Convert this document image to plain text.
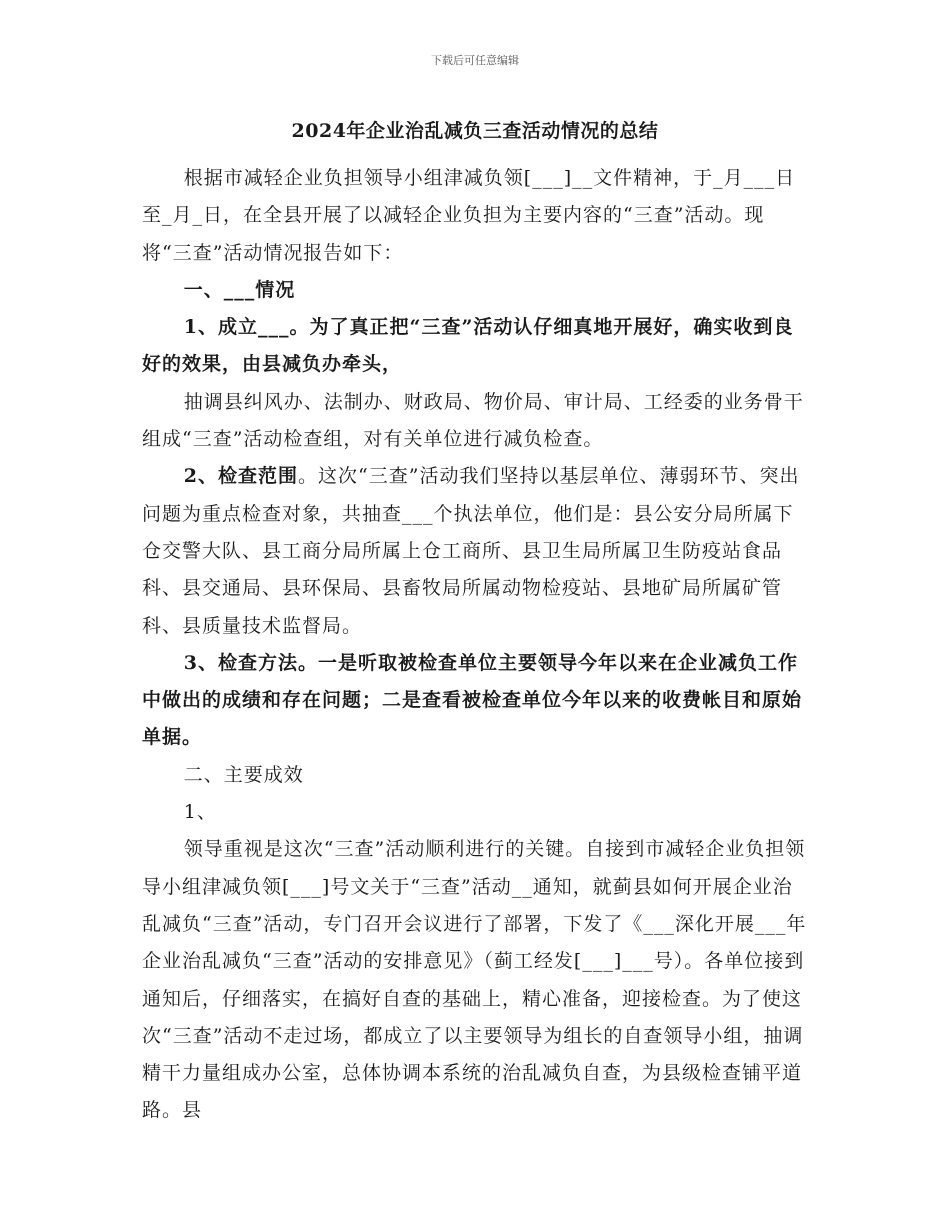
下载后可任意编辑
2024年企业治乱减负三查活动情况的总结

根据市减轻企业负担领导小组津减负领[___]__文件精神，于_月___日至_月_日，在全县开展了以减轻企业负担为主要内容的“三查”活动。现将“三查”活动情况报告如下：

一、___情况

1、成立___。为了真正把“三查”活动认仔细真地开展好，确实收到良好的效果，由县减负办牵头，

抽调县纠风办、法制办、财政局、物价局、审计局、工经委的业务骨干组成“三查”活动检查组，对有关单位进行减负检查。

2、检查范围。这次“三查”活动我们坚持以基层单位、薄弱环节、突出问题为重点检查对象，共抽查___个执法单位，他们是：县公安分局所属下仓交警大队、县工商分局所属上仓工商所、县卫生局所属卫生防疫站食品科、县交通局、县环保局、县畜牧局所属动物检疫站、县地矿局所属矿管科、县质量技术监督局。

3、检查方法。一是听取被检查单位主要领导今年以来在企业减负工作中做出的成绩和存在问题；二是查看被检查单位今年以来的收费帐目和原始单据。

二、主要成效

1、

领导重视是这次“三查”活动顺利进行的关键。自接到市减轻企业负担领导小组津减负领[___]号文关于“三查”活动__通知，就蓟县如何开展企业治乱减负“三查”活动，专门召开会议进行了部署，下发了《___深化开展___年企业治乱减负“三查”活动的安排意见》（蓟工经发[___]___号）。各单位接到通知后，仔细落实，在搞好自查的基础上，精心准备，迎接检查。为了使这次“三查”活动不走过场，都成立了以主要领导为组长的自查领导小组，抽调精干力量组成办公室，总体协调本系统的治乱减负自查，为县级检查铺平道路。县
